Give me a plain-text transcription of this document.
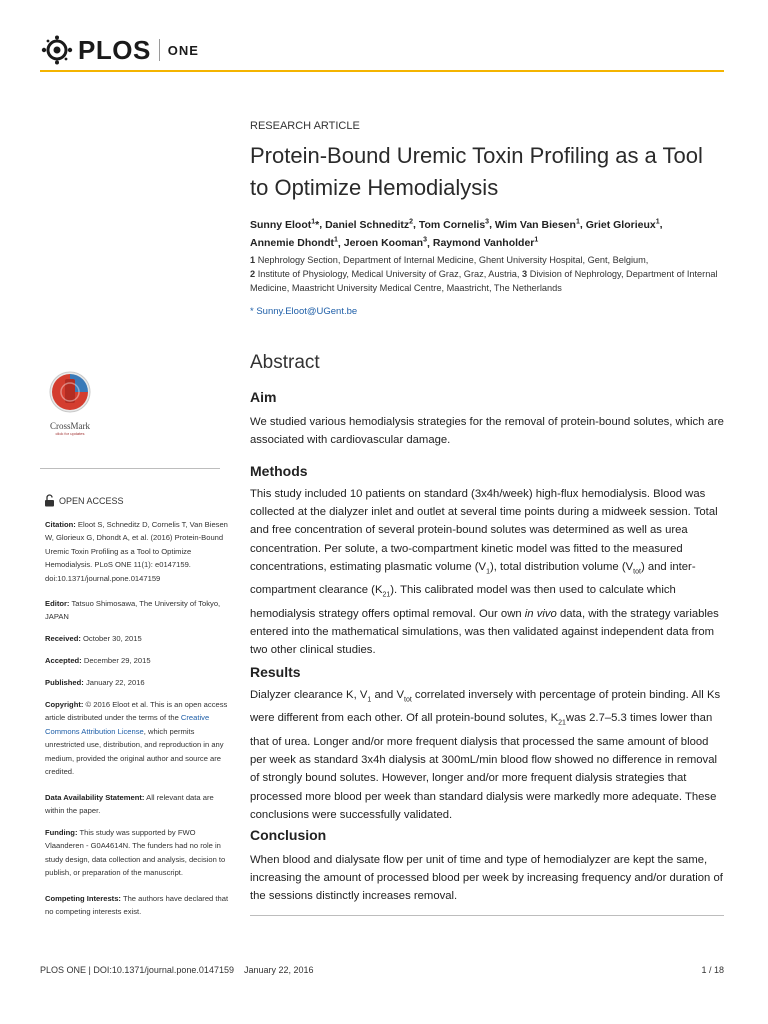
PLOS ONE
RESEARCH ARTICLE
Protein-Bound Uremic Toxin Profiling as a Tool to Optimize Hemodialysis
Sunny Eloot$^1$*, Daniel Schneditz$^2$, Tom Cornelis$^3$, Wim Van Biesen$^1$, Griet Glorieux$^1$,
Annemie Dhondt$^1$, Jeroen Kooman$^3$, Raymond Vanholder$^1$
1 Nephrology Section, Department of Internal Medicine, Ghent University Hospital, Gent, Belgium,
2 Institute of Physiology, Medical University of Graz, Graz, Austria, 3 Division of Nephrology, Department of Internal Medicine, Maastricht University Medical Centre, Maastricht, The Netherlands
* Sunny.Eloot@UGent.be
Abstract
Aim

We studied various hemodialysis strategies for the removal of protein-bound solutes, which are associated with cardiovascular damage.

Methods

This study included 10 patients on standard (3x4h/week) high-flux hemodialysis. Blood was collected at the dialyzer inlet and outlet at several time points during a midweek session. Total and free concentration of several protein-bound solutes was determined as well as urea concentration. Per solute, a two-compartment kinetic model was fitted to the measured concentrations, estimating plasmatic volume $(V_1)$, total distribution volume $(V_{tot})$ and inter-compartment clearance $(K_{21})$. This calibrated model was then used to calculate which hemodialysis strategy offers optimal removal. Our own in vivo data, with the strategy variables entered into the mathematical simulations, was then validated against independent data from two other clinical studies.

Results

Dialyzer clearance K, $V_1$ and $V_{tot}$ correlated inversely with percentage of protein binding. All Ks were different from each other. Of all protein-bound solutes, $K_{21}was$ 2.7–5.3 times lower than that of urea. Longer and/or more frequent dialysis that processed the same amount of blood per week as standard 3x4h dialysis at 300mL/min blood flow showed no difference in removal of strongly bound solutes. However, longer and/or more frequent dialysis strategies that processed more blood per week than standard dialysis were markedly more adequate. These conclusions were successfully validated.

Conclusion

When blood and dialysate flow per unit of time and type of hemodialyzer are kept the same, increasing the amount of processed blood per week by increasing frequency and/or duration of the sessions distinctly increases removal.

CrossMark
click for updates
OPEN ACCESS
Citation: Eloot S, Schneditz D, Cornelis T, Van Biesen W, Glorieux G, Dhondt A, et al. (2016) Protein-Bound Uremic Toxin Profiling as a Tool to Optimize Hemodialysis. PLoS ONE 11(1): e0147159. doi:10.1371/journal.pone.0147159
Editor: Tatsuo Shimosawa, The University of Tokyo, JAPAN
Received: October 30, 2015
Accepted: December 29, 2015
Published: January 22, 2016
Copyright: © 2016 Eloot et al. This is an open access article distributed under the terms of the Creative Commons Attribution License, which permits unrestricted use, distribution, and reproduction in any medium, provided the original author and source are credited.
Data Availability Statement: All relevant data are within the paper.
Funding: This study was supported by FWO Vlaanderen - G0A4614N. The funders had no role in study design, data collection and analysis, decision to publish, or preparation of the manuscript.
Competing Interests: The authors have declared that no competing interests exist.
PLOS ONE | DOI:10.1371/journal.pone.0147159    January 22, 2016	1 / 18
